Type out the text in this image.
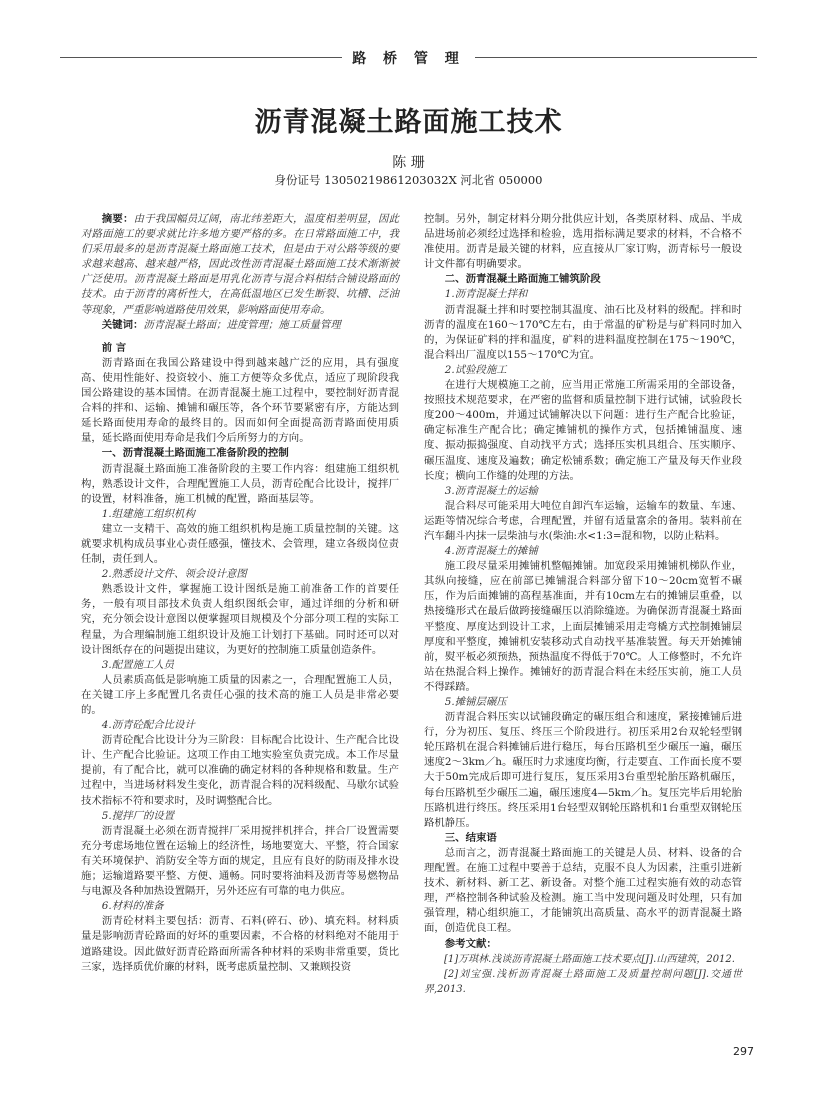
路 桥 管 理
沥青混凝土路面施工技术
陈 珊
身份证号 13050219861203032X 河北省 050000

摘要：由于我国幅员辽阔，南北纬差距大，温度相差明显，因此对路面施工的要求就比许多地方要严格的多。在日常路面施工中，我们采用最多的是沥青混凝土路面施工技术，但是由于对公路等级的要求越来越高、越来越严格，因此改性沥青混凝土路面施工技术渐渐被广泛使用。沥青混凝土路面是用乳化沥青与混合料相结合铺设路面的技术。由于沥青的离析性大，在高低温地区已发生断裂、坑槽、泛油等现象，严重影响道路使用效果，影响路面使用寿命。

关键词：沥青混凝土路面；进度管理；施工质量管理

前 言

沥青路面在我国公路建设中得到越来越广泛的应用，具有强度高、使用性能好、投资较小、施工方便等众多优点，适应了现阶段我国公路建设的基本国情。在沥青混凝土施工过程中，要控制好沥青混合料的拌和、运输、摊铺和碾压等，各个环节要紧密有序，方能达到延长路面使用寿命的最终目的。因而如何全面提高沥青路面使用质量，延长路面使用寿命是我们今后所努力的方向。

一、沥青混凝土路面施工准备阶段的控制

沥青混凝土路面施工准备阶段的主要工作内容：组建施工组织机构，熟悉设计文件，合理配置施工人员，沥青砼配合比设计，搅拌厂的设置，材料准备，施工机械的配置，路面基层等。

1.组建施工组织机构

建立一支精干、高效的施工组织机构是施工质量控制的关键。这就要求机构成员事业心责任感强，懂技术、会管理，建立各级岗位责任制，责任到人。

2.熟悉设计文件、领会设计意图

熟悉设计文件，掌握施工设计图纸是施工前准备工作的首要任务，一般有项目部技术负责人组织图纸会审，通过详细的分析和研究，充分领会设计意图以便掌握项目规模及个分部分项工程的实际工程量，为合理编制施工组织设计及施工计划打下基础。同时还可以对设计图纸存在的问题提出建议，为更好的控制施工质量创造条件。

3.配置施工人员

人员素质高低是影响施工质量的因素之一，合理配置施工人员，在关键工序上多配置几名责任心强的技术高的施工人员是非常必要的。

4.沥青砼配合比设计

沥青砼配合比设计分为三阶段：目标配合比设计、生产配合比设计、生产配合比验证。这项工作由工地实验室负责完成。本工作尽量提前，有了配合比，就可以准确的确定材料的各种规格和数量。生产过程中，当进场材料发生变化，沥青混合料的况料级配、马歇尔试验技术指标不符和要求时，及时调整配合比。

5.搅拌厂的设置

沥青混凝土必须在沥青搅拌厂采用搅拌机拌合，拌合厂设置需要充分考虑场地位置在运输上的经济性，场地要宽大、平整，符合国家有关环境保护、消防安全等方面的规定，且应有良好的防雨及排水设施；运输道路要平整、方便、通畅。同时要将油料及沥青等易燃物品与电源及各种加热设置隔开，另外还应有可靠的电力供应。

6.材料的准备

沥青砼材料主要包括：沥青、石料(碎石、砂)、填充料。材料质量是影响沥青砼路面的好坏的重要因素，不合格的材料绝对不能用于道路建设。因此做好沥青砼路面所需各种材料的采购非常重要，货比三家，选择质优价廉的材料，既考虑质量控制、又兼顾投资

控制。另外，制定材料分期分批供应计划，各类原材料、成品、半成品进场前必须经过选择和检验，选用指标满足要求的材料，不合格不准使用。沥青是最关键的材料，应直接从厂家订购，沥青标号一般设计文件都有明确要求。

二、沥青混凝土路面施工铺筑阶段

1.沥青混凝土拌和

沥青混凝土拌和时要控制其温度、油石比及材料的级配。拌和时沥青的温度在160～170℃左右，由于常温的矿粉是与矿料同时加入的，为保证矿料的拌和温度，矿料的进料温度控制在175～190℃，混合料出厂温度以155～170℃为宜。

2.试验段施工

在进行大规模施工之前，应当用正常施工所需采用的全部设备，按照技术规范要求，在严密的监督和质量控制下进行试铺，试验段长度200～400m，并通过试铺解决以下问题：进行生产配合比验证，确定标准生产配合比；确定摊铺机的操作方式，包括摊铺温度、速度、振动振捣强度、自动找平方式；选择压实机具组合、压实顺序、碾压温度、速度及遍数；确定松铺系数；确定施工产量及每天作业段长度；横向工作缝的处理的方法。

3.沥青混凝土的运输

混合料尽可能采用大吨位自卸汽车运输，运输车的数量、车速、运距等情况综合考虑，合理配置，并留有适量富余的备用。装料前在汽车翻斗内抹一层柴油与水(柴油:水<1:3=混和物，以防止粘料。

4.沥青混凝土的摊铺

施工段尽量采用摊铺机整幅摊铺。加宽段采用摊铺机梯队作业，其纵向接缝，应在前部已摊铺混合料部分留下10～20cm宽暂不碾压，作为后面摊铺的高程基准面，并有10cm左右的摊铺层重叠，以热接缝形式在最后做跨接缝碾压以消除缝迹。为确保沥青混凝土路面平整度、厚度达到设计工求，上面层摊铺采用走弯橇方式控制摊铺层厚度和平整度，摊铺机安装移动式自动找平基准装置。每天开始摊铺前，熨平板必须预热，预热温度不得低于70℃。人工修整时，不允许站在热混合料上操作。摊铺好的沥青混合料在未经压实前，施工人员不得踩踏。

5.摊铺层碾压

沥青混合料压实以试铺段确定的碾压组合和速度，紧接摊铺后进行，分为初压、复压、终压三个阶段进行。初压采用2台双轮轻型钢轮压路机在混合料摊铺后进行稳压，每台压路机至少碾压一遍，碾压速度2～3km／h。碾压时力求速度均衡，行走要直、工作面长度不要大于50m完成后即可进行复压，复压采用3台重型轮胎压路机碾压，每台压路机至少碾压二遍，碾压速度4—5km／h。复压完毕后用轮胎压路机进行终压。终压采用1台轻型双钢轮压路机和1台重型双钢轮压路机静压。

三、结束语

总而言之，沥青混凝土路面施工的关键是人员、材料、设备的合理配置。在施工过程中要善于总结，克服不良人为因素，注重引进新技术、新材料、新工艺、新设备。对整个施工过程实施有效的动态管理，严格控制各种试验及检测。施工当中发现问题及时处理，只有加强管理，精心组织施工，才能铺筑出高质量、高水平的沥青混凝土路面，创造优良工程。

参考文献：

[1]万琪林.浅谈沥青混凝土路面施工技术要点[J].山西建筑，2012.

[2]刘宝强.浅析沥青混凝土路面施工及质量控制问题[J].交通世界,2013.

297
